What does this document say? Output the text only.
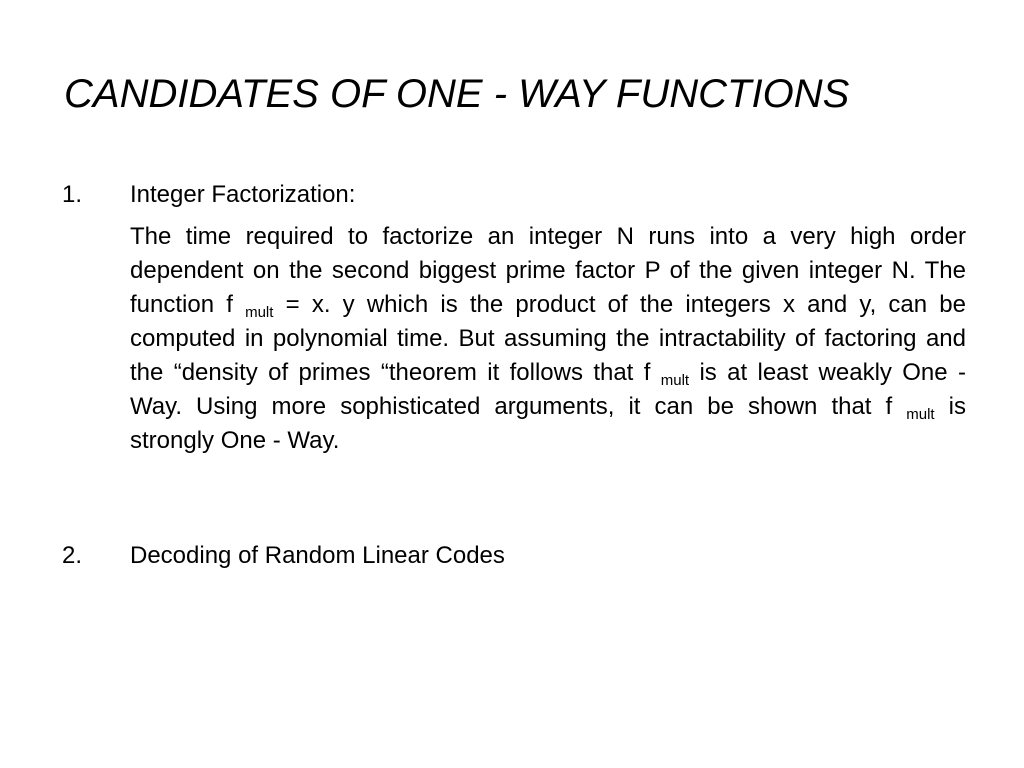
CANDIDATES OF ONE - WAY FUNCTIONS
1. Integer Factorization:
The time required to factorize an integer N runs into a very high order dependent on the second biggest prime factor P of the given integer N. The function f $_{mult}$ = x. y which is the product of the integers x and y, can be computed in polynomial time. But assuming the intractability of factoring and the “density of primes “theorem it follows that f $_{mult}$ is at least weakly One - Way. Using more sophisticated arguments, it can be shown that f $_{mult}$ is strongly One - Way.
2. Decoding of Random Linear Codes
